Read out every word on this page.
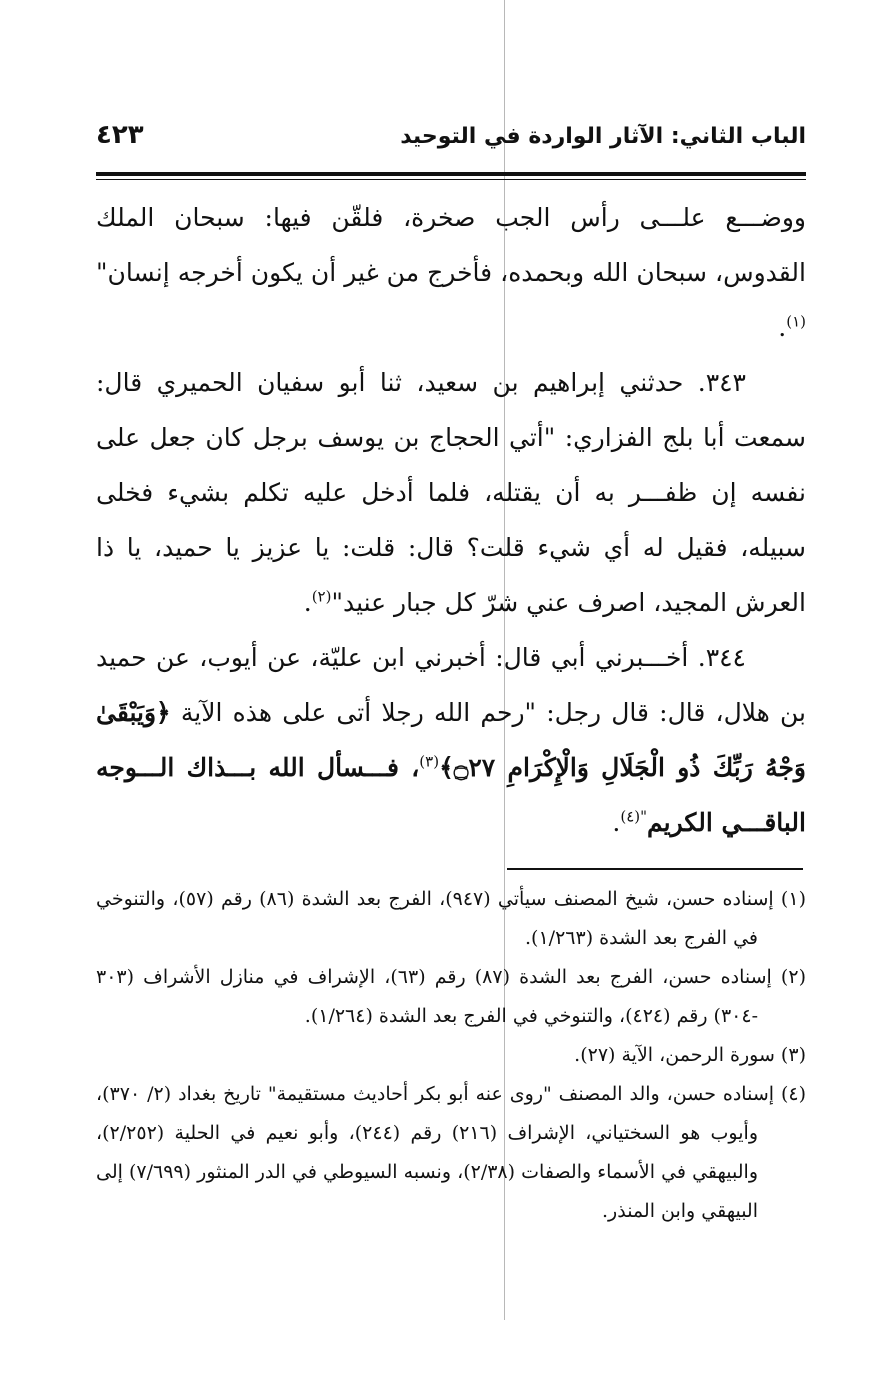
الباب الثاني: الآثار الواردة في التوحيد
٤٢٣

ووضـــع علـــى رأس الجب صخرة، فلقّن فيها: سبحان الملك القدوس، سبحان الله وبحمده، فأخرج من غير أن يكون أخرجه إنسان"$^{(١)}$.

٣٤٣. حدثني إبراهيم بن سعيد، ثنا أبو سفيان الحميري قال: سمعت أبا بلج الفزاري: "أتي الحجاج بن يوسف برجل كان جعل على نفسه إن ظفـــر به أن يقتله، فلما أدخل عليه تكلم بشيء فخلى سبيله، فقيل له أي شيء قلت؟ قال: قلت: يا عزيز يا حميد، يا ذا العرش المجيد، اصرف عني شرّ كل جبار عنيد"$^{(٢)}$.

٣٤٤. أخـــبرني أبي قال: أخبرني ابن عليّة، عن أيوب، عن حميد بن هلال، قال: قال رجل: "رحم الله رجلا أتى على هذه الآية ﴿وَيَبْقَىٰ وَجْهُ رَبِّكَ ذُو الْجَلَالِ وَالْإِكْرَامِ ۝٢٧﴾$^{(٣)}$، فـــسأل الله بـــذاك الـــوجه الباقـــي الكريم$^{"(٤)}$.

(١) إسناده حسن، شيخ المصنف سيأتي (٩٤٧)، الفرج بعد الشدة (٨٦) رقم (٥٧)، والتنوخي في الفرج بعد الشدة (١/٢٦٣).

(٢) إسناده حسن، الفرج بعد الشدة (٨٧) رقم (٦٣)، الإشراف في منازل الأشراف (٣٠٣ -٣٠٤) رقم (٤٢٤)، والتنوخي في الفرج بعد الشدة (١/٢٦٤).

(٣) سورة الرحمن، الآية (٢٧).

(٤) إسناده حسن، والد المصنف "روى عنه أبو بكر أحاديث مستقيمة" تاريخ بغداد (٢/ ٣٧٠)، وأيوب هو السختياني، الإشراف (٢١٦) رقم (٢٤٤)، وأبو نعيم في الحلية (٢/٢٥٢)، والبيهقي في الأسماء والصفات (٢/٣٨)، ونسبه السيوطي في الدر المنثور (٧/٦٩٩) إلى البيهقي وابن المنذر.
